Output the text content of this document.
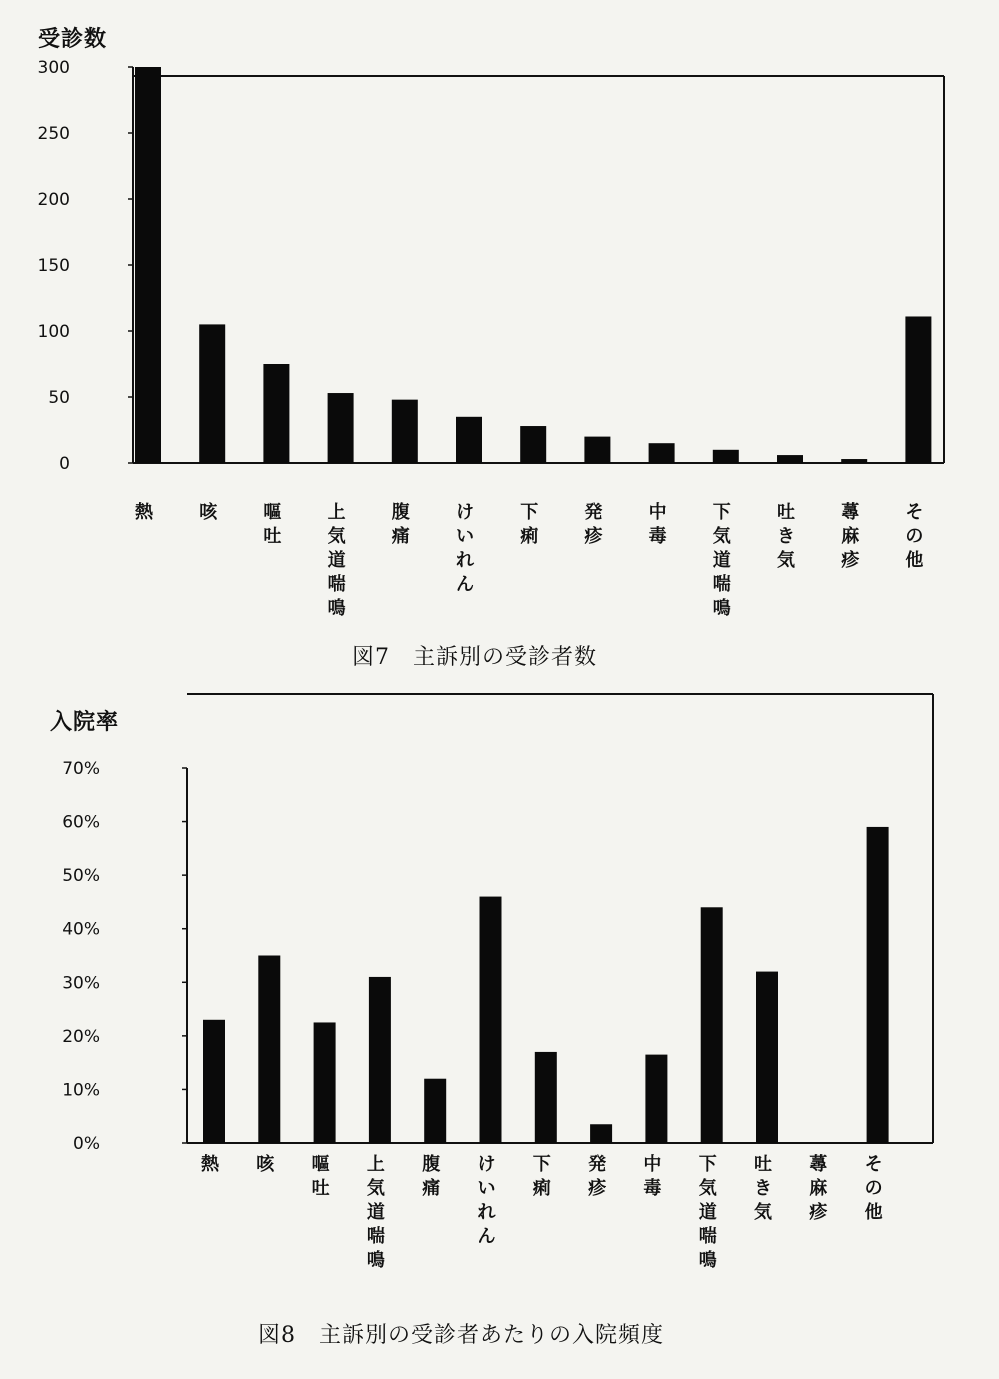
受診数
入院率
0
50
100
150
200
250
300
熱	咳	嘔吐
上気道喘鳴
腹痛
けいれん
下痢
発疹
中毒
下気道喘鳴
吐き気
蕁麻疹
その他
0%
10%
20%
30%
40%
50%
60%
70%
熱 咳 嘔吐
上気道喘鳴
腹痛
けいれん
下痢
発疹
中毒
下気道喘鳴
吐き気
蕁麻疹
その他
図7　主訴別の受診者数
図8　主訴別の受診者あたりの入院頻度
